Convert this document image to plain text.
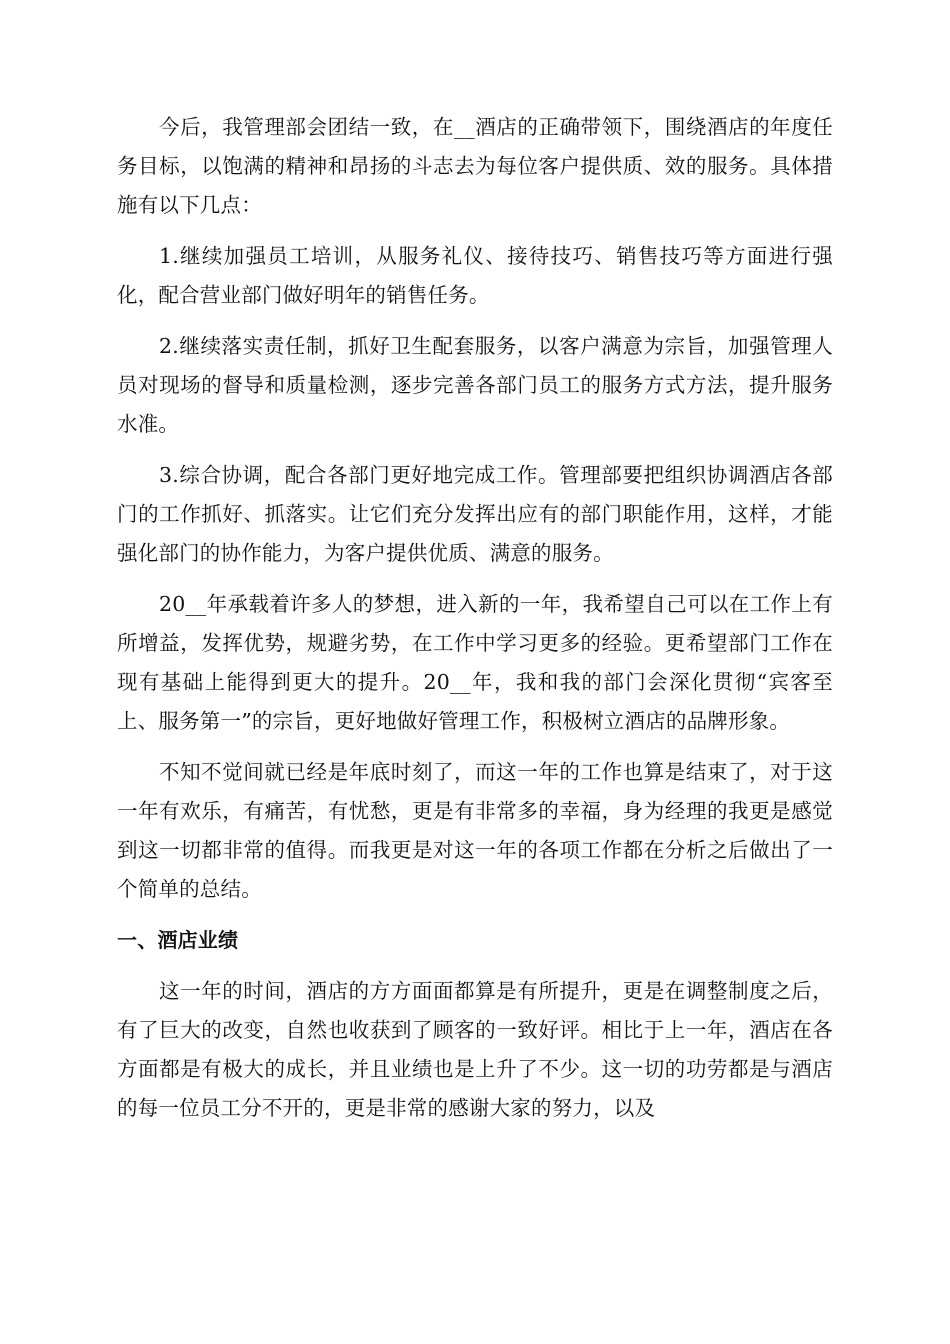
今后，我管理部会团结一致，在__酒店的正确带领下，围绕酒店的年度任务目标，以饱满的精神和昂扬的斗志去为每位客户提供质、效的服务。具体措施有以下几点：

1.继续加强员工培训，从服务礼仪、接待技巧、销售技巧等方面进行强化，配合营业部门做好明年的销售任务。

2.继续落实责任制，抓好卫生配套服务，以客户满意为宗旨，加强管理人员对现场的督导和质量检测，逐步完善各部门员工的服务方式方法，提升服务水准。

3.综合协调，配合各部门更好地完成工作。管理部要把组织协调酒店各部门的工作抓好、抓落实。让它们充分发挥出应有的部门职能作用，这样，才能强化部门的协作能力，为客户提供优质、满意的服务。

20__年承载着许多人的梦想，进入新的一年，我希望自己可以在工作上有所增益，发挥优势，规避劣势，在工作中学习更多的经验。更希望部门工作在现有基础上能得到更大的提升。20__年，我和我的部门会深化贯彻“宾客至上、服务第一”的宗旨，更好地做好管理工作，积极树立酒店的品牌形象。

不知不觉间就已经是年底时刻了，而这一年的工作也算是结束了，对于这一年有欢乐，有痛苦，有忧愁，更是有非常多的幸福，身为经理的我更是感觉到这一切都非常的值得。而我更是对这一年的各项工作都在分析之后做出了一个简单的总结。

一、酒店业绩

这一年的时间，酒店的方方面面都算是有所提升，更是在调整制度之后，有了巨大的改变，自然也收获到了顾客的一致好评。相比于上一年，酒店在各方面都是有极大的成长，并且业绩也是上升了不少。这一切的功劳都是与酒店的每一位员工分不开的，更是非常的感谢大家的努力，以及
